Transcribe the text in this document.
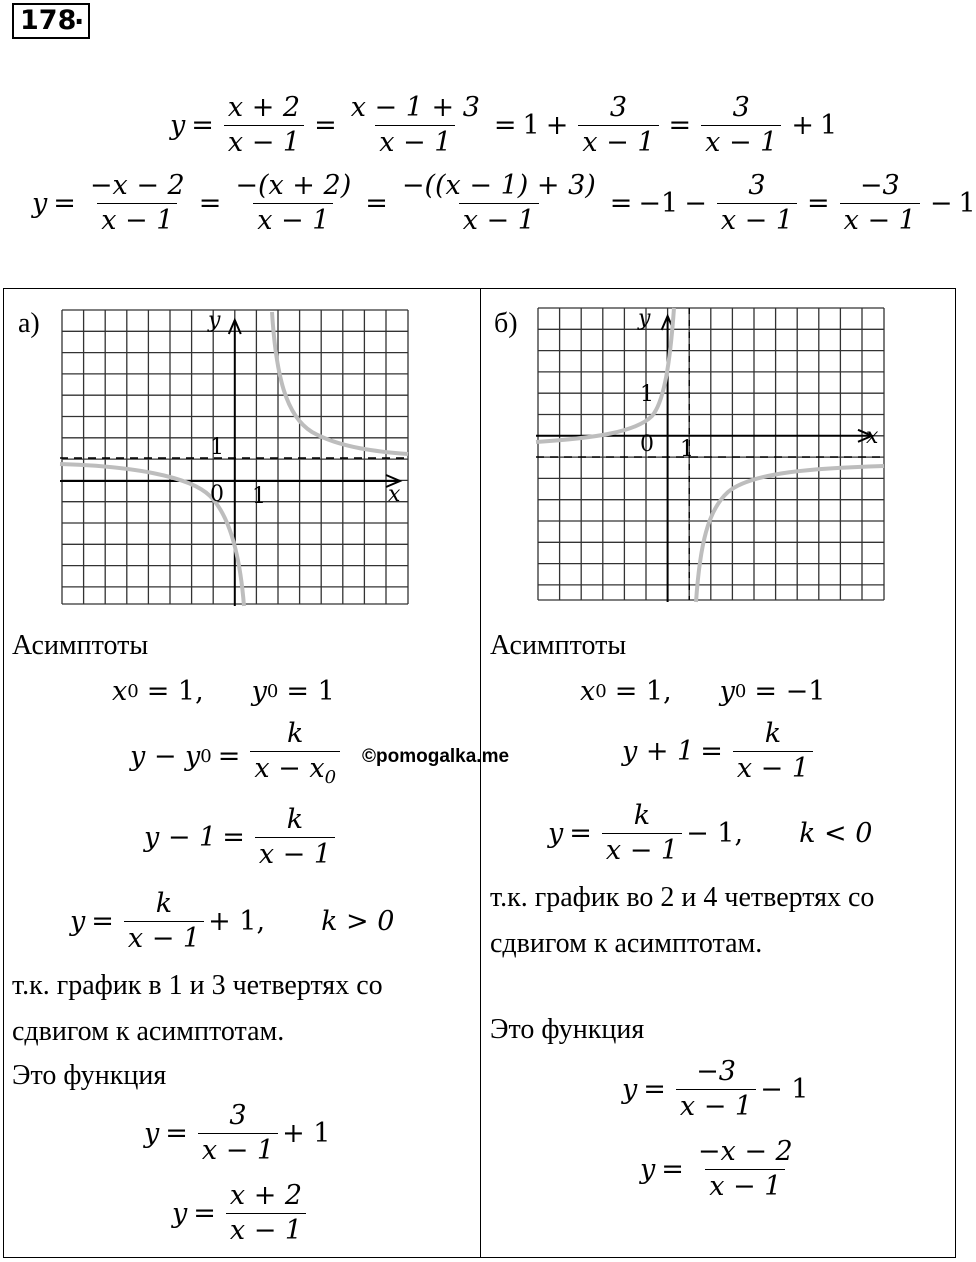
178
.
$y = \frac{x + 2}{x - 1} = \frac{x - 1 + 3}{x - 1} = 1 + \frac{3}{x - 1} = \frac{3}{x - 1} + 1$
$y = \frac{-x - 2}{x - 1} = \frac{-(x + 2)}{x - 1} = \frac{-((x - 1) + 3)}{x - 1} = -1 - \frac{3}{x - 1} = \frac{-3}{x - 1} - 1$
а)	y
x
1
1
0
б)	y
x
1
1
0
Асимптоты
x 0 = 1, y 0 = 1
y − y $0 = \frac{k}{x - x_0}$ ©pomogalka.me
$y - 1 = \frac{k}{x - 1}$
$y = \frac{k}{x - 1} + 1$, k > 0
т.к. график в 1 и 3 четвертях со
сдвигом к асимптотам.
Это функция
$y = \frac{3}{x - 1} + 1$
$y = \frac{x + 2}{x - 1}$
Асимптоты
x 0 = 1, y 0 = −1
$y + 1 = \frac{k}{x - 1}$
$y = \frac{k}{x - 1} - 1$, k < 0
т.к. график во 2 и 4 четвертях со
сдвигом к асимптотам.
Это функция
$y = \frac{-3}{x - 1} - 1$
$y = \frac{-x - 2}{x - 1}$
